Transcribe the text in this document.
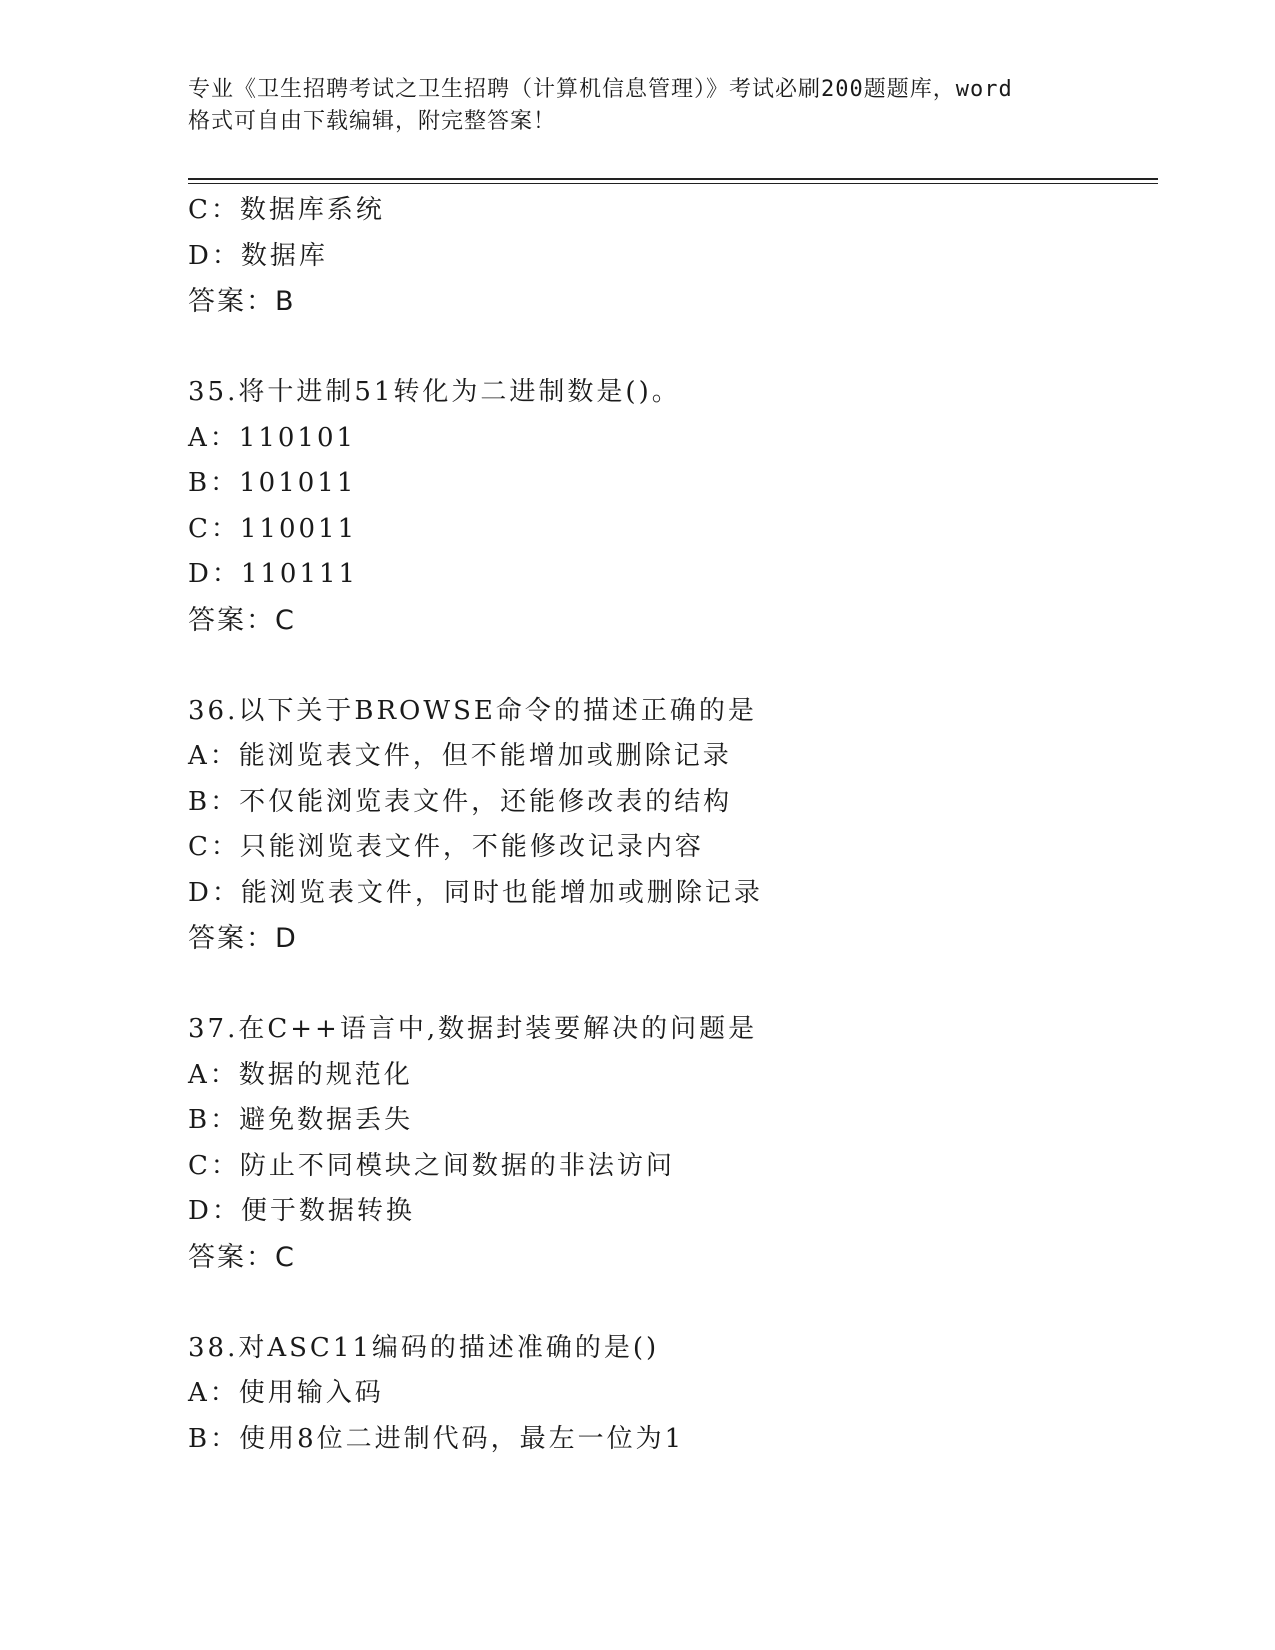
专业《卫生招聘考试之卫生招聘（计算机信息管理）》考试必刷200题题库，word
格式可自由下载编辑，附完整答案！
C：数据库系统
D：数据库
答案：B
35.将十进制51转化为二进制数是()。
A：110101
B：101011
C：110011
D：110111
答案：C
36.以下关于BROWSE命令的描述正确的是
A：能浏览表文件，但不能增加或删除记录
B：不仅能浏览表文件，还能修改表的结构
C：只能浏览表文件，不能修改记录内容
D：能浏览表文件，同时也能增加或删除记录
答案：D
37.在C++语言中,数据封装要解决的问题是
A：数据的规范化
B：避免数据丢失
C：防止不同模块之间数据的非法访问
D：便于数据转换
答案：C
38.对ASC11编码的描述准确的是()
A：使用输入码
B：使用8位二进制代码，最左一位为1
